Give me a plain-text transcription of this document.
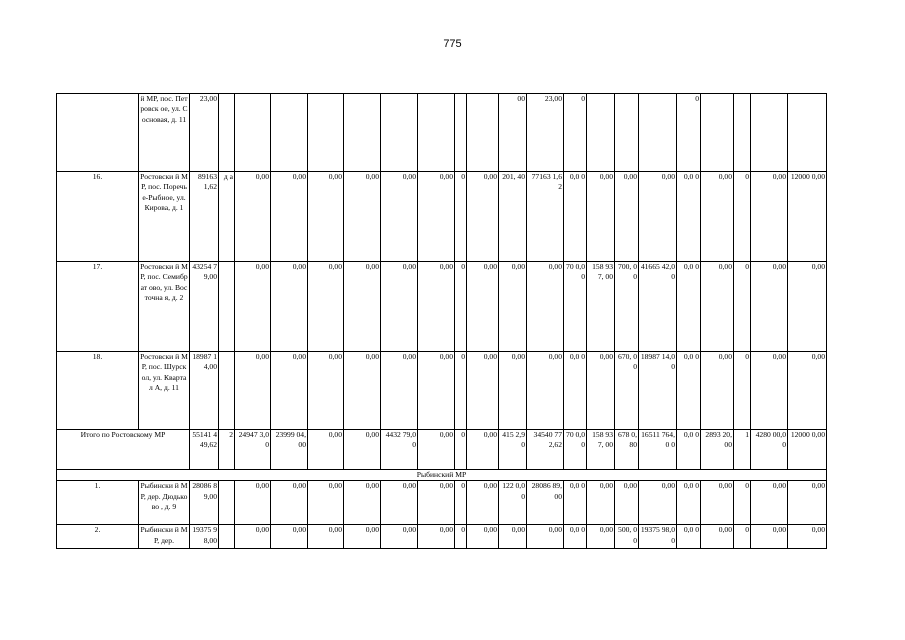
775
	й МР, пос. Петровск ое, ул. Сосновая, д. 11	23,00										00	23,00	0				0				
16.	Ростовски й МР, пос. Поречье-Рыбное, ул. Кирова, д. 1	89163 1,62	д а	0,00	0,00	0,00	0,00	0,00	0,00	0	0,00	201, 40	77163 1,62	0,0 0	0,00	0,00	0,00	0,0 0	0,00	0	0,00	12000 0,00
17.	Ростовски й МР, пос. Семибрат ово, ул. Восточна я, д. 2	43254 79,00		0,00	0,00	0,00	0,00	0,00	0,00	0	0,00	0,00	0,00	70 0,0 0	158 937, 00	700, 00	41665 42,00	0,0 0	0,00	0	0,00	0,00
18.	Ростовски й МР, пос. Шурскол, ул. Квартал А, д. 11	18987 14,00		0,00	0,00	0,00	0,00	0,00	0,00	0	0,00	0,00	0,00	0,0 0	0,00	670, 00	18987 14,00	0,0 0	0,00	0	0,00	0,00
Итого по Ростовскому МР		55141 449,62	2	24947 3,00	23999 04,00	0,00	0,00	4432 79,00	0,00	0	0,00	415 2,90	34540 772,62	70 0,0 0	158 937, 00	678 0,80	16511 764,0 0	0,0 0	2893 20,00	1	4280 00,00	12000 0,00
Рыбинский МР																						
1.	Рыбински й МР, дер. Дюдьково , д. 9	28086 89,00		0,00	0,00	0,00	0,00	0,00	0,00	0	0,00	122 0,00	28086 89,00	0,0 0	0,00	0,00	0,00	0,0 0	0,00	0	0,00	0,00
2.	Рыбински й МР, дер.	19375 98,00		0,00	0,00	0,00	0,00	0,00	0,00	0	0,00	0,00	0,00	0,0 0	0,00	500, 00	19375 98,00	0,0 0	0,00	0	0,00	0,00
